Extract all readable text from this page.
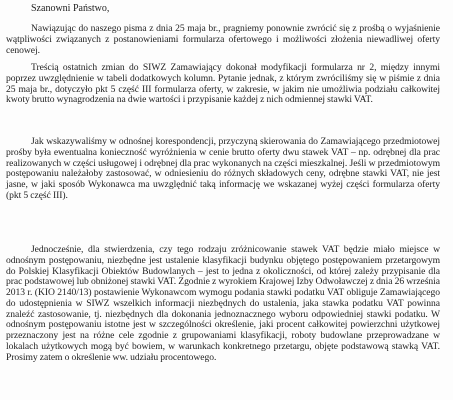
Szanowni Państwo,

Nawiązując do naszego pisma z dnia 25 maja br., pragniemy ponownie zwrócić się z prośbą o wyjaśnienie wątpliwości związanych z postanowieniami formularza ofertowego i możliwości złożenia niewadliwej oferty cenowej.

Treścią ostatnich zmian do SIWZ Zamawiający dokonał modyfikacji formularza nr 2, między innymi poprzez uwzględnienie w tabeli dodatkowych kolumn. Pytanie jednak, z którym zwróciliśmy się w piśmie z dnia 25 maja br., dotyczyło pkt 5 część III formularza oferty, w zakresie, w jakim nie umożliwia podziału całkowitej kwoty brutto wynagrodzenia na dwie wartości i przypisanie każdej z nich odmiennej stawki VAT.

Jak wskazywaliśmy w odnośnej korespondencji, przyczyną skierowania do Zamawiającego przedmiotowej prośby była ewentualna konieczność wyróżnienia w cenie brutto oferty dwu stawek VAT – np. odrębnej dla prac realizowanych w części usługowej i odrębnej dla prac wykonanych na części mieszkalnej. Jeśli w przedmiotowym postępowaniu należałoby zastosować, w odniesieniu do różnych składowych ceny, odrębne stawki VAT, nie jest jasne, w jaki sposób Wykonawca ma uwzględnić taką informację we wskazanej wyżej części formularza oferty (pkt 5 część III).

Jednocześnie, dla stwierdzenia, czy tego rodzaju zróżnicowanie stawek VAT będzie miało miejsce w odnośnym postępowaniu, niezbędne jest ustalenie klasyfikacji budynku objętego postępowaniem przetargowym do Polskiej Klasyfikacji Obiektów Budowlanych – jest to jedna z okoliczności, od której zależy przypisanie dla prac podstawowej lub obniżonej stawki VAT. Zgodnie z wyrokiem Krajowej Izby Odwoławczej z dnia 26 września 2013 r. (KIO 2140/13) postawienie Wykonawcom wymogu podania stawki podatku VAT obliguje Zamawiającego do udostępnienia w SIWZ wszelkich informacji niezbędnych do ustalenia, jaka stawka podatku VAT powinna znaleźć zastosowanie, tj. niezbędnych dla dokonania jednoznacznego wyboru odpowiedniej stawki podatku. W odnośnym postępowaniu istotne jest w szczególności określenie, jaki procent całkowitej powierzchni użytkowej przeznaczony jest na różne cele zgodnie z grupowaniami klasyfikacji, roboty budowlane przeprowadzane w lokalach użytkowych mogą być bowiem, w warunkach konkretnego przetargu, objęte podstawową stawką VAT. Prosimy zatem o określenie ww. udziału procentowego.
